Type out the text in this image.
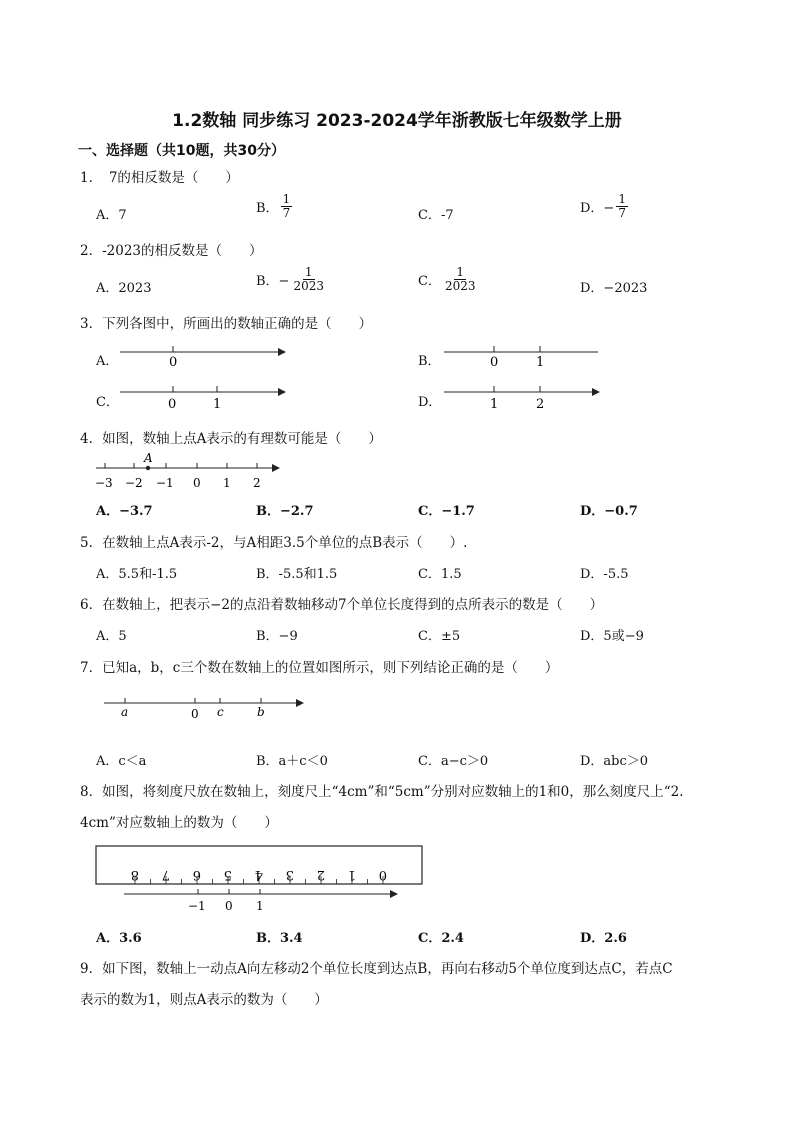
1.2数轴 同步练习 2023-2024学年浙教版七年级数学上册
一、选择题（共10题，共30分）
1．　7的相反数是（　　）
A．7	B． $\frac{1}{7}$	C．-7	D．− $\frac{1}{7}$
2．-2023的相反数是（　　）
A．2023	B．− $\frac{1}{2023}$	C． $\frac{1}{2023}$	D．−2023
3．下列各图中，所画出的数轴正确的是（　　）
A．	0	B．	0	1
C．	0	1	D．	1	2
4．如图，数轴上点A表示的有理数可能是（　　）
A
−3 −2 −1 0 1 2
A．−3.7	B．−2.7	C．−1.7	D．−0.7
5．在数轴上点A表示-2，与A相距3.5个单位的点B表示（　　）.
A．5.5和-1.5	B．-5.5和1.5	C．1.5	D．-5.5
6．在数轴上，把表示−2的点沿着数轴移动7个单位长度得到的点所表示的数是（　　）
A．5	B．−9	C．±5	D．5或−9
7．已知a，b，c三个数在数轴上的位置如图所示，则下列结论正确的是（　　）
a	0 c	b
A．c＜a	B．a＋c＜0	C．a−c＞0	D．abc＞0
8．如图，将刻度尺放在数轴上，刻度尺上“4cm”和“5cm”分别对应数轴上的1和0，那么刻度尺上“2.
4cm”对应数轴上的数为（　　）
8 7 6 5 4 3 2 1 0
−1 0 1
A．3.6	B．3.4	C．2.4	D．2.6
9．如下图，数轴上一动点A向左移动2个单位长度到达点B，再向右移动5个单位度到达点C，若点C
表示的数为1，则点A表示的数为（　　）
